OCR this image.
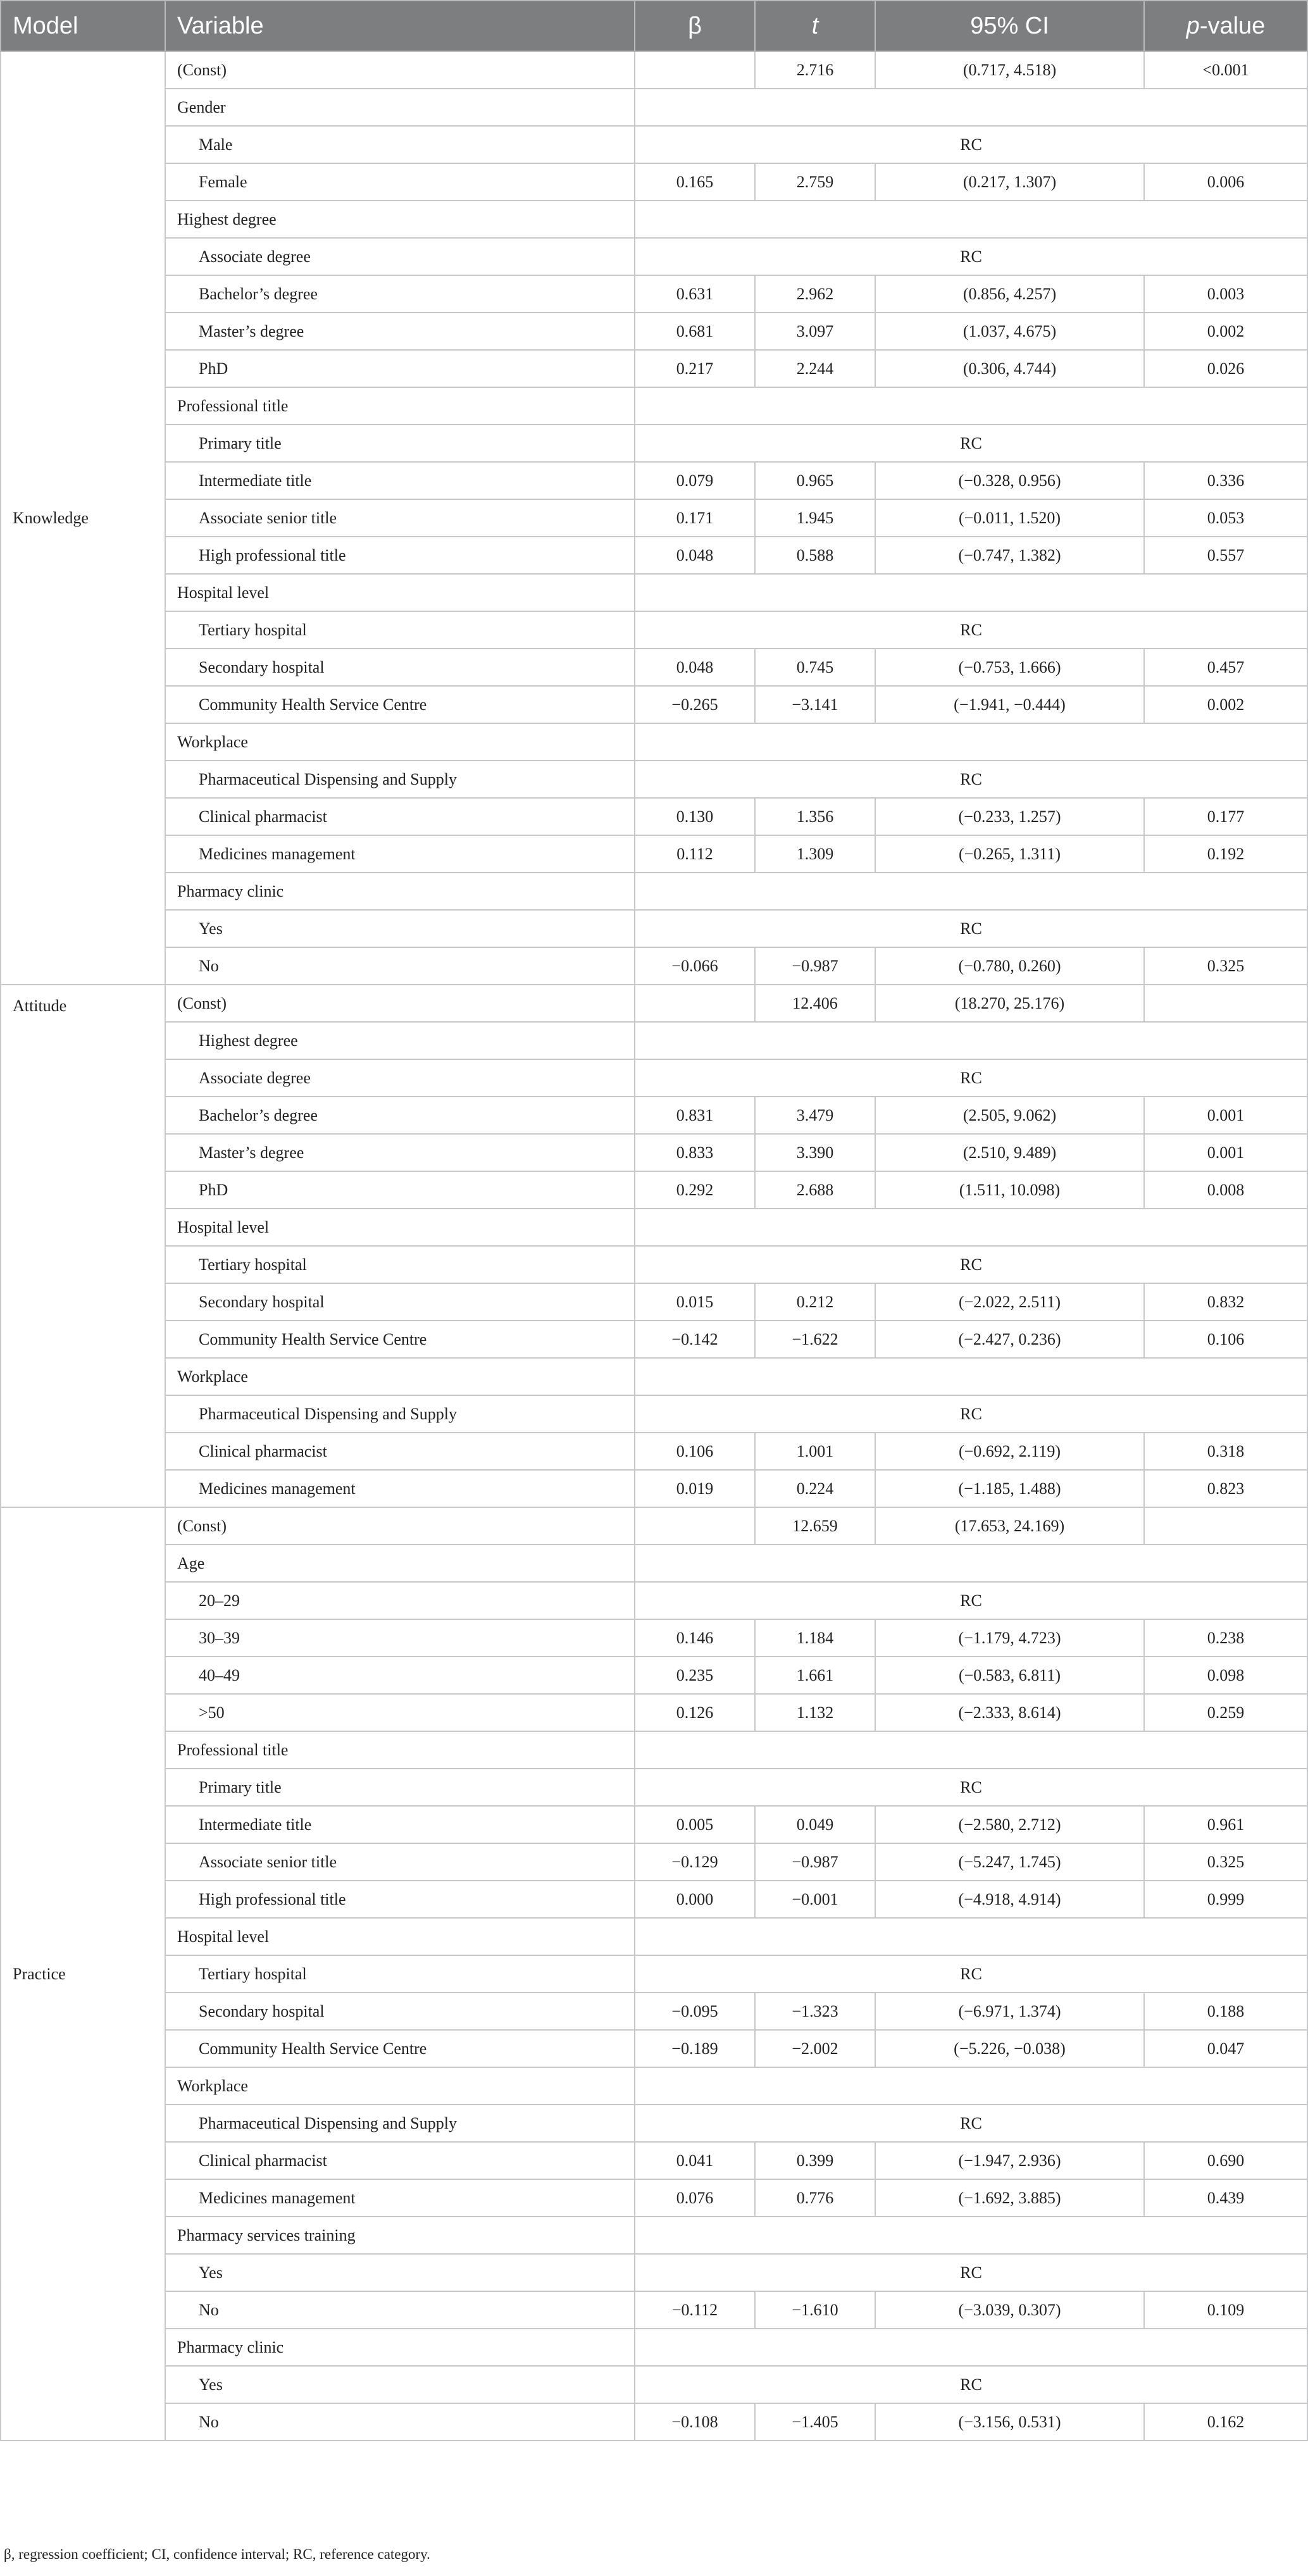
Model	Variable	β	t	95% CI	p-value
Knowledge	(Const)		2.716	(0.717, 4.518)	<0.001
	Gender				
	Male	RC			
	Female	0.165	2.759	(0.217, 1.307)	0.006
	Highest degree				
	Associate degree	RC			
	Bachelor’s degree	0.631	2.962	(0.856, 4.257)	0.003
	Master’s degree	0.681	3.097	(1.037, 4.675)	0.002
	PhD	0.217	2.244	(0.306, 4.744)	0.026
	Professional title				
	Primary title	RC			
	Intermediate title	0.079	0.965	(−0.328, 0.956)	0.336
	Associate senior title	0.171	1.945	(−0.011, 1.520)	0.053
	High professional title	0.048	0.588	(−0.747, 1.382)	0.557
	Hospital level				
	Tertiary hospital	RC			
	Secondary hospital	0.048	0.745	(−0.753, 1.666)	0.457
	Community Health Service Centre	−0.265	−3.141	(−1.941, −0.444)	0.002
	Workplace				
	Pharmaceutical Dispensing and Supply	RC			
	Clinical pharmacist	0.130	1.356	(−0.233, 1.257)	0.177
	Medicines management	0.112	1.309	(−0.265, 1.311)	0.192
	Pharmacy clinic				
	Yes	RC			
	No	−0.066	−0.987	(−0.780, 0.260)	0.325
Attitude	(Const)		12.406	(18.270, 25.176)	
	Highest degree				
	Associate degree	RC			
	Bachelor’s degree	0.831	3.479	(2.505, 9.062)	0.001
	Master’s degree	0.833	3.390	(2.510, 9.489)	0.001
	PhD	0.292	2.688	(1.511, 10.098)	0.008
	Hospital level				
	Tertiary hospital	RC			
	Secondary hospital	0.015	0.212	(−2.022, 2.511)	0.832
	Community Health Service Centre	−0.142	−1.622	(−2.427, 0.236)	0.106
	Workplace				
	Pharmaceutical Dispensing and Supply	RC			
	Clinical pharmacist	0.106	1.001	(−0.692, 2.119)	0.318
	Medicines management	0.019	0.224	(−1.185, 1.488)	0.823
Practice	(Const)		12.659	(17.653, 24.169)	
	Age				
	20–29	RC			
	30–39	0.146	1.184	(−1.179, 4.723)	0.238
	40–49	0.235	1.661	(−0.583, 6.811)	0.098
	>50	0.126	1.132	(−2.333, 8.614)	0.259
	Professional title				
	Primary title	RC			
	Intermediate title	0.005	0.049	(−2.580, 2.712)	0.961
	Associate senior title	−0.129	−0.987	(−5.247, 1.745)	0.325
	High professional title	0.000	−0.001	(−4.918, 4.914)	0.999
	Hospital level				
	Tertiary hospital	RC			
	Secondary hospital	−0.095	−1.323	(−6.971, 1.374)	0.188
	Community Health Service Centre	−0.189	−2.002	(−5.226, −0.038)	0.047
	Workplace				
	Pharmaceutical Dispensing and Supply	RC			
	Clinical pharmacist	0.041	0.399	(−1.947, 2.936)	0.690
	Medicines management	0.076	0.776	(−1.692, 3.885)	0.439
	Pharmacy services training				
	Yes	RC			
	No	−0.112	−1.610	(−3.039, 0.307)	0.109
	Pharmacy clinic				
	Yes	RC			
	No	−0.108	−1.405	(−3.156, 0.531)	0.162
β, regression coefficient; CI, confidence interval; RC, reference category.
